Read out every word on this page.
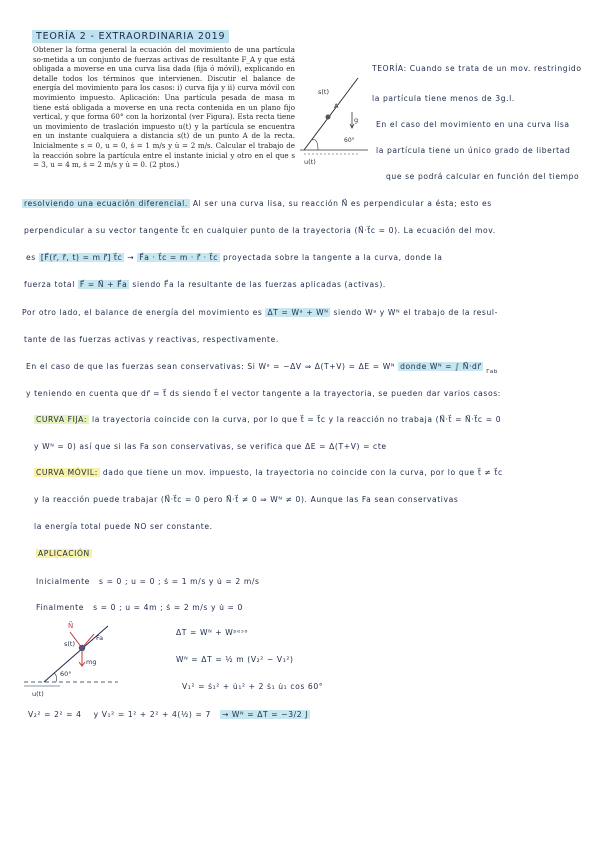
TEORÍA 2 - EXTRAORDINARIA 2019
Obtener la forma general la ecuación del movimiento de una partícula so-metida a un conjunto de fuerzas activas de resultante F_A y que está obligada a moverse en una curva lisa dada (fija ó móvil), explicando en detalle todos los términos que intervienen. Discutir el balance de energía del movimiento para los casos: i) curva fija y ii) curva móvil con movimiento impuesto. Aplicación: Una partícula pesada de masa m tiene está obligada a moverse en una recta contenida en un plano fijo vertical, y que forma 60° con la horizontal (ver Figura). Esta recta tiene un movimiento de traslación impuesto u(t) y la partícula se encuentra en un instante cualquiera a distancia s(t) de un punto A de la recta. Inicialmente s = 0, u = 0, ṡ = 1 m/s y u̇ = 2 m/s. Calcular el trabajo de la reacción sobre la partícula entre el instante inicial y otro en el que s = 3, u = 4 m, ṡ = 2 m/s y u̇ = 0. (2 ptos.)
s(t)
A
g
60°
u(t)
TEORÍA: Cuando se trata de un mov. restringido
la partícula tiene menos de 3g.l.
En el caso del movimiento en una curva lisa
la partícula tiene un único grado de libertad
que se podrá calcular en función del tiempo
resolviendo una ecuación diferencial. Al ser una curva lisa, su reacción N⃗ es perpendicular a ésta; esto es
perpendicular a su vector tangente t⃗c en cualquier punto de la trayectoria (N⃗·t⃗c = 0). La ecuación del mov.
es [F⃗(r⃗, ṙ⃗, t) = m r̈⃗] t⃗c → F⃗a · t⃗c = m · r̈⃗ · t⃗c proyectada sobre la tangente a la curva, donde la
fuerza total F⃗ = N⃗ + F⃗a siendo F⃗a la resultante de las fuerzas aplicadas (activas).
Por otro lado, el balance de energía del movimiento es ΔT = Wᵃ + Wᴺ siendo Wᵃ y Wᴺ el trabajo de la resul-
tante de las fuerzas activas y reactivas, respectivamente.
En el caso de que las fuerzas sean conservativas: Si Wᵃ = −ΔV ⇒ Δ(T+V) = ΔE = Wᴺ donde Wᴺ = ∫ N⃗·dr⃗ $_{\Gamma ab}$
y teniendo en cuenta que dr⃗ = t⃗ ds siendo t⃗ el vector tangente a la trayectoria, se pueden dar varios casos:
CURVA FIJA: la trayectoria coincide con la curva, por lo que t⃗ = t⃗c y la reacción no trabaja (N⃗·t⃗ = N⃗·t⃗c = 0
y Wᴺ = 0) así que si las Fa son conservativas, se verifica que ΔE = Δ(T+V) = cte
CURVA MÓVIL: dado que tiene un mov. impuesto, la trayectoria no coincide con la curva, por lo que t⃗ ≠ t⃗c
y la reacción puede trabajar (N⃗·t⃗c = 0 pero N⃗·t⃗ ≠ 0 ⇒ Wᴺ ≠ 0). Aunque las Fa sean conservativas
la energía total puede NO ser constante.
APLICACIÓN
Inicialmente s = 0 ; u = 0 ; ṡ = 1 m/s y u̇ = 2 m/s
Finalmente s = 0 ; u = 4m ; ṡ = 2 m/s y u̇ = 0
N⃗
s(t)
Fa
mg
60°
u(t)
ΔT = Wᴺ + Wᵖᵉˢᵒ
Wᴺ = ΔT = ½ m (V₂² − V₁²)
V₁² = ṡ₁² + u̇₁² + 2 ṡ₁ u̇₁ cos 60°
V₂² = 2² = 4 y V₁² = 1² + 2² + 4(½) = 7 → Wᴺ = ΔT = −3/2 J
